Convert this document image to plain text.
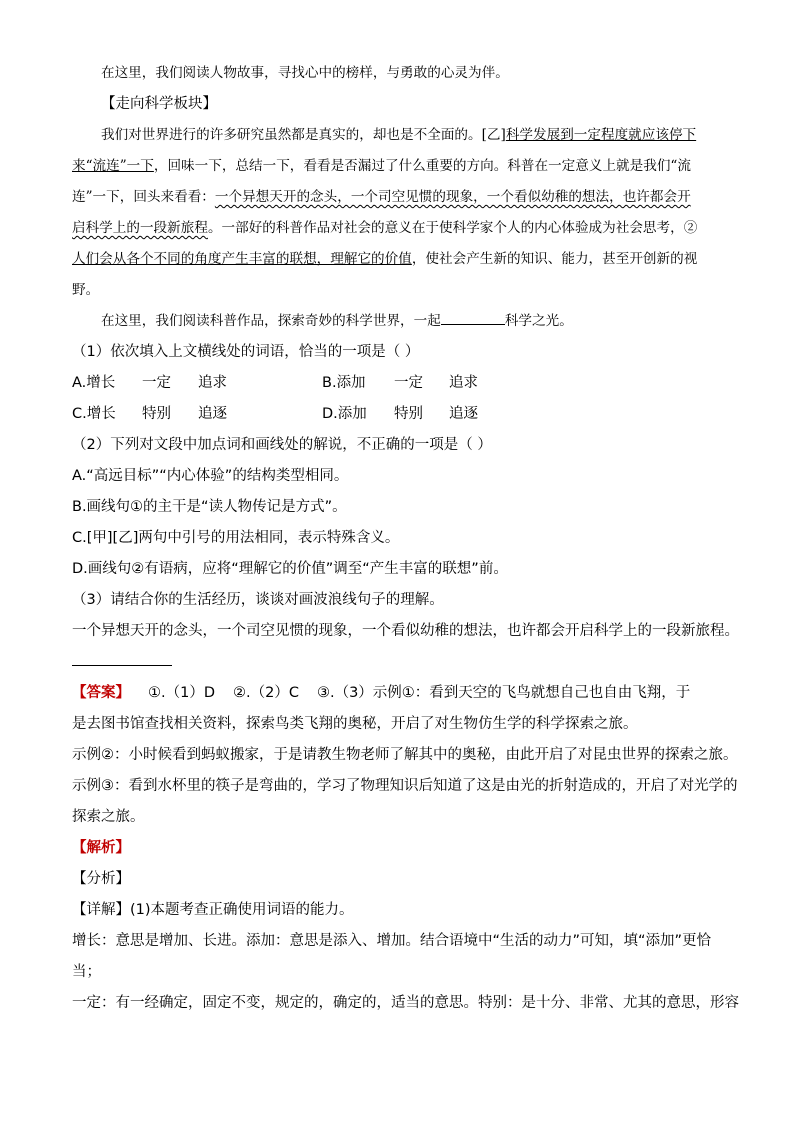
在这里，我们阅读人物故事，寻找心中的榜样，与勇敢的心灵为伴。

【走向科学板块】

我们对世界进行的许多研究虽然都是真实的，却也是不全面的。[乙]科学发展到一定程度就应该停下

来“流连”一下，回味一下，总结一下，看看是否漏过了什么重要的方向。科普在一定意义上就是我们“流

连”一下，回头来看看：一个异想天开的念头，一个司空见惯的现象，一个看似幼稚的想法，也许都会开

启科学上的一段新旅程。一部好的科普作品对社会的意义在于使科学家个人的内心体验成为社会思考，②

人们会从各个不同的角度产生丰富的联想，理解它的价值，使社会产生新的知识、能力，甚至开创新的视

野。

在这里，我们阅读科普作品，探索奇妙的科学世界，一起	科学之光。

（1）依次填入上文横线处的词语，恰当的一项是（ ）

A.增长 一定 追求	B.添加 一定 追求
C.增长 特别 追逐	D.添加 特别 追逐

（2）下列对文段中加点词和画线处的解说，不正确的一项是（ ）

A.“高远目标”“内心体验”的结构类型相同。

B.画线句①的主干是“读人物传记是方式”。

C.[甲][乙]两句中引号的用法相同，表示特殊含义。

D.画线句②有语病，应将“理解它的价值”调至“产生丰富的联想”前。

（3）请结合你的生活经历，谈谈对画波浪线句子的理解。

一个异想天开的念头，一个司空见惯的现象，一个看似幼稚的想法，也许都会开启科学上的一段新旅程。

【答案】 ①.（1）D ②.（2）C ③.（3）示例①：看到天空的飞鸟就想自己也自由飞翔，于

是去图书馆查找相关资料，探索鸟类飞翔的奥秘，开启了对生物仿生学的科学探索之旅。

示例②：小时候看到蚂蚁搬家，于是请教生物老师了解其中的奥秘，由此开启了对昆虫世界的探索之旅。

示例③：看到水杯里的筷子是弯曲的，学习了物理知识后知道了这是由光的折射造成的，开启了对光学的

探索之旅。

【解析】

【分析】

【详解】(1)本题考查正确使用词语的能力。

增长：意思是增加、长进。添加：意思是添入、增加。结合语境中“生活的动力”可知，填“添加”更恰

当；

一定：有一经确定，固定不变，规定的，确定的，适当的意思。特别：是十分、非常、尤其的意思，形容
